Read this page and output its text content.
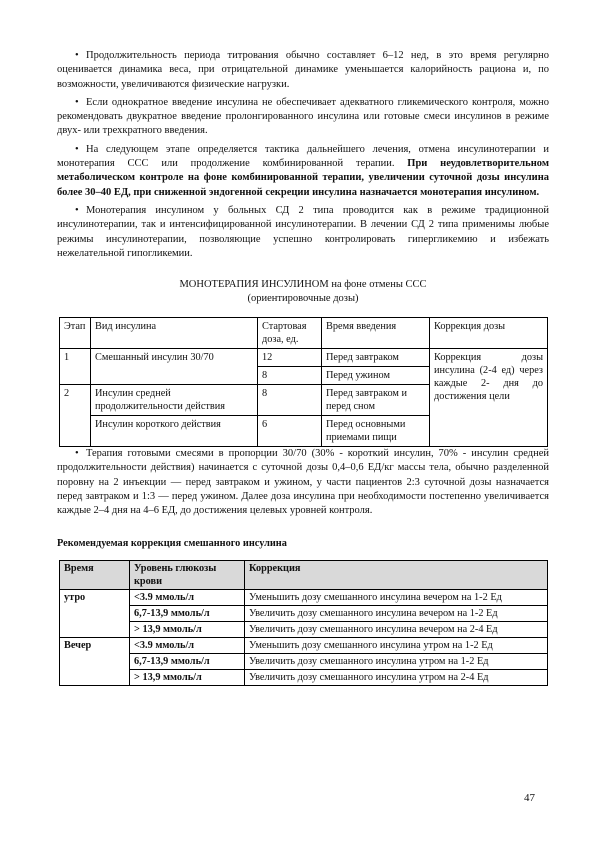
• Продолжительность периода титрования обычно составляет 6–12 нед, в это время регулярно оценивается динамика веса, при отрицательной динамике уменьшается калорийность рациона и, по возможности, увеличиваются физические нагрузки.

• Если однократное введение инсулина не обеспечивает адекватного гликемического контроля, можно рекомендовать двукратное введение пролонгированного инсулина или готовые смеси инсулинов в режиме двух- или трехкратного введения.

• На следующем этапе определяется тактика дальнейшего лечения, отмена инсулинотерапии и монотерапия ССС или продолжение комбинированной терапии. При неудовлетворительном метаболическом контроле на фоне комбинированной терапии, увеличении суточной дозы инсулина более 30–40 ЕД, при сниженной эндогенной секреции инсулина назначается монотерапия инсулином.

• Монотерапия инсулином у больных СД 2 типа проводится как в режиме традиционной инсулинотерапии, так и интенсифицированной инсулинотерапии. В лечении СД 2 типа применимы любые режимы инсулинотерапии, позволяющие успешно контролировать гипергликемию и избежать нежелательной гипогликемии.

МОНОТЕРАПИЯ ИНСУЛИНОМ на фоне отмены ССС
(ориентировочные дозы)
Этап	Вид инсулина	Стартовая доза, ед.	Время введения	Коррекция дозы
1	Смешанный инсулин 30/70	12	Перед завтраком	Коррекция дозы инсулина (2-4 ед) через каждые 2- дня до достижения цели
		8	Перед ужином	
2	Инсулин средней продолжительности действия	8	Перед завтраком и перед сном	
	Инсулин короткого действия	6	Перед основными приемами пищи	

• Терапия готовыми смесями в пропорции 30/70 (30% - короткий инсулин, 70% - инсулин средней продолжительности действия) начинается с суточной дозы 0,4–0,6 ЕД/кг массы тела, обычно разделенной поровну на 2 инъекции — перед завтраком и ужином, у части пациентов 2:3 суточной дозы назначается перед завтраком и 1:3 — перед ужином. Далее доза инсулина при необходимости постепенно увеличивается каждые 2–4 дня на 4–6 ЕД, до достижения целевых уровней контроля.

Рекомендуемая коррекция смешанного инсулина
Время	Уровень глюкозы крови	Коррекция
утро	<3.9 ммоль/л	Уменьшить дозу смешанного инсулина вечером на 1-2 Ед
	6,7-13,9 ммоль/л	Увеличить дозу смешанного инсулина вечером на 1-2 Ед
	> 13,9 ммоль/л	Увеличить дозу смешанного инсулина вечером на 2-4 Ед
Вечер	<3.9 ммоль/л	Уменьшить дозу смешанного инсулина утром на 1-2 Ед
	6,7-13,9 ммоль/л	Увеличить дозу смешанного инсулина утром на 1-2 Ед
	> 13,9 ммоль/л	Увеличить дозу смешанного инсулина утром на 2-4 Ед
47
